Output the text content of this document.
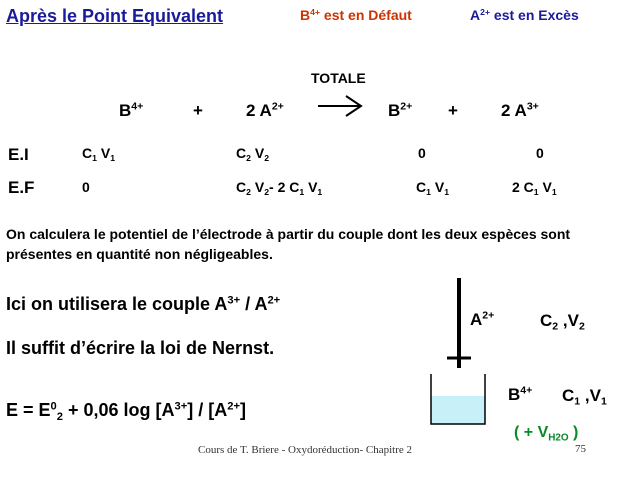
Après le Point Equivalent	$B^{4+}$ est en Défaut	$A^{2+}$ est en Excès
TOTALE
$B^{4+}$	+	2 $A^{2+}$	$B^{2+}$ +	2 $A^{3+}$
E.I	$C_1$ $V_1$	$C_2$ $V_2$	0	0
E.F	0	$C_2$ $V_2-$ 2 $C_1$ $V_1$	$C_1$ $V_1$	2 $C_1$ $V_1$
On calculera le potentiel de l’électrode à partir du couple dont les deux espèces sont présentes en quantité non négligeables.
Ici on utilisera le couple $A^{3+} / A^{2+}$
Il suffit d’écrire la loi de Nernst.
$E = E^0_2 + 0,06$ $\log [A^{3+}] / [A^{2+}]$
$A^{2+}$	$C_2$ $,V_2$
$B^{4+}$ $C_1$ $,V_1$
( + $V_{H2O}$ )
Cours de T. Briere - Oxydoréduction- Chapitre 2	75
